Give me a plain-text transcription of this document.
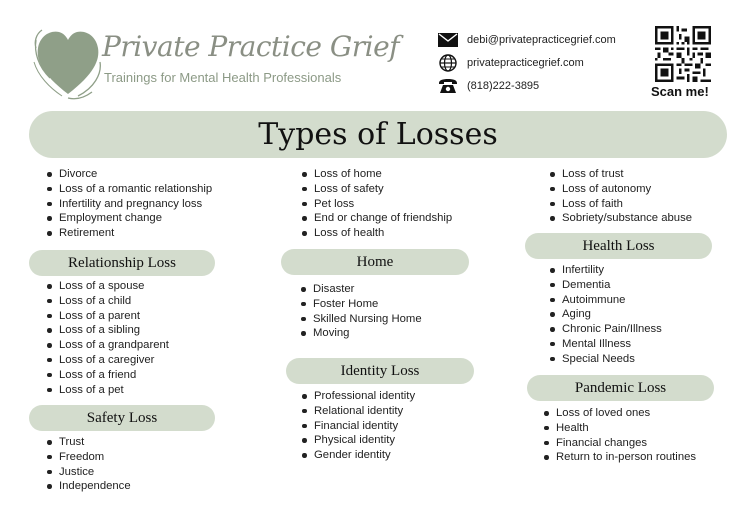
Private Practice Grief
Trainings for Mental Health Professionals
debi@privatepracticegrief.com
privatepracticegrief.com
(818)222-3895	Scan me!
Types of Losses
Divorce
Loss of a romantic relationship
Infertility and pregnancy loss
Employment change
Retirement
Relationship Loss
Loss of a spouse
Loss of a child
Loss of a parent
Loss of a sibling
Loss of a grandparent
Loss of a caregiver
Loss of a friend
Loss of a pet
Safety Loss
Trust
Freedom
Justice
Independence
Loss of home
Loss of safety
Pet loss
End or change of friendship
Loss of health
Home
Disaster
Foster Home
Skilled Nursing Home
Moving
Identity Loss
Professional identity
Relational identity
Financial identity
Physical identity
Gender identity
Loss of trust
Loss of autonomy
Loss of faith
Sobriety/substance abuse
Health Loss
Infertility
Dementia
Autoimmune
Aging
Chronic Pain/Illness
Mental Illness
Special Needs
Pandemic Loss
Loss of loved ones
Health
Financial changes
Return to in-person routines
